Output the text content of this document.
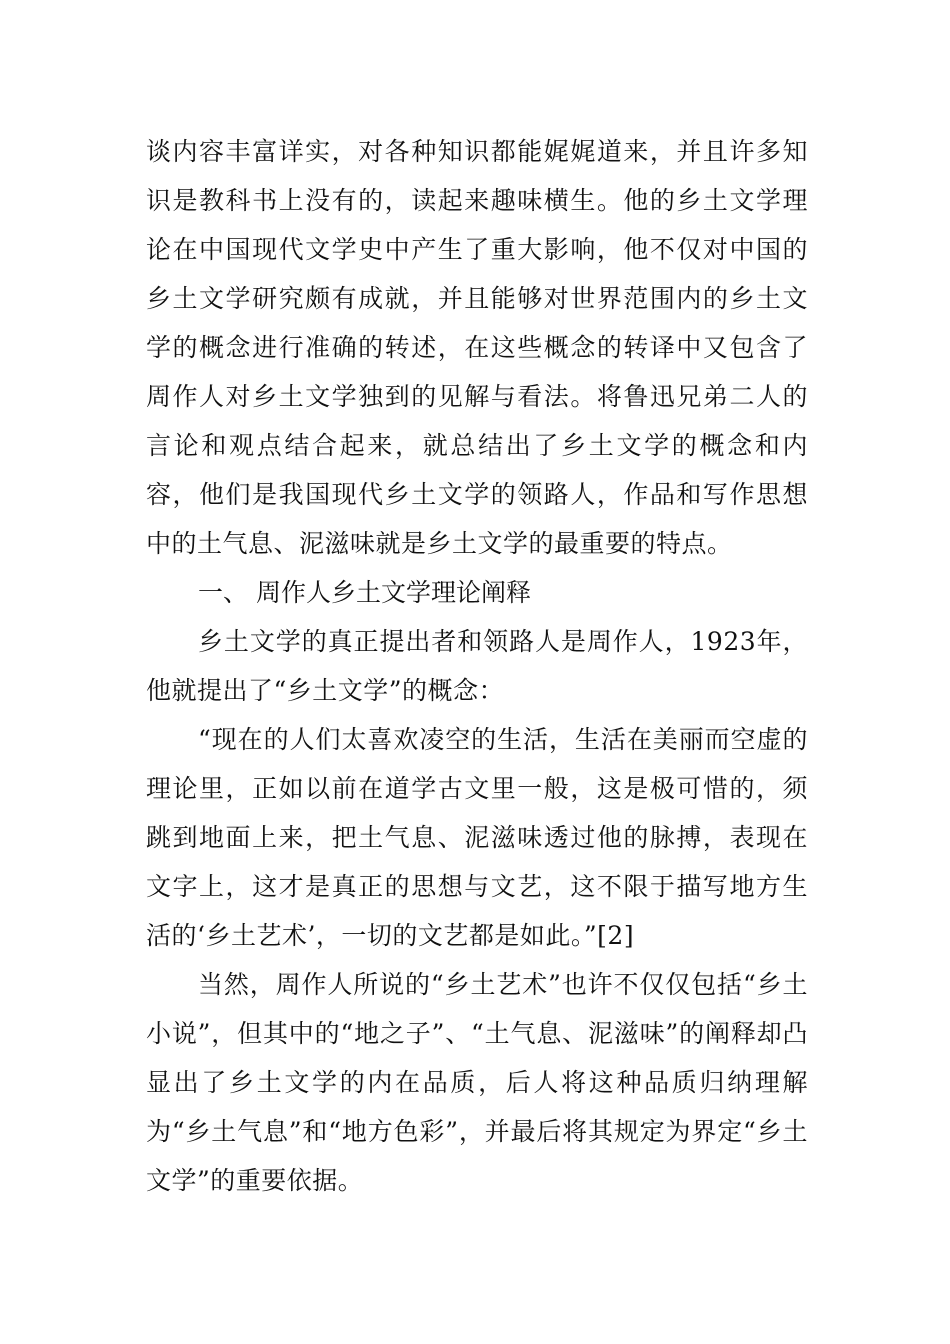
谈内容丰富详实，对各种知识都能娓娓道来，并且许多知识是教科书上没有的，读起来趣味横生。他的乡土文学理论在中国现代文学史中产生了重大影响，他不仅对中国的乡土文学研究颇有成就，并且能够对世界范围内的乡土文学的概念进行准确的转述，在这些概念的转译中又包含了周作人对乡土文学独到的见解与看法。将鲁迅兄弟二人的言论和观点结合起来，就总结出了乡土文学的概念和内容，他们是我国现代乡土文学的领路人，作品和写作思想中的土气息、泥滋味就是乡土文学的最重要的特点。

一、 周作人乡土文学理论阐释

乡土文学的真正提出者和领路人是周作人，1923年，他就提出了“乡土文学”的概念：

“现在的人们太喜欢凌空的生活，生活在美丽而空虚的理论里，正如以前在道学古文里一般，这是极可惜的，须跳到地面上来，把土气息、泥滋味透过他的脉搏，表现在文字上，这才是真正的思想与文艺，这不限于描写地方生活的‘乡土艺术’，一切的文艺都是如此。”[2]

当然，周作人所说的“乡土艺术”也许不仅仅包括“乡土小说”，但其中的“地之子”、“土气息、泥滋味”的阐释却凸显出了乡土文学的内在品质，后人将这种品质归纳理解为“乡土气息”和“地方色彩”，并最后将其规定为界定“乡土文学”的重要依据。
